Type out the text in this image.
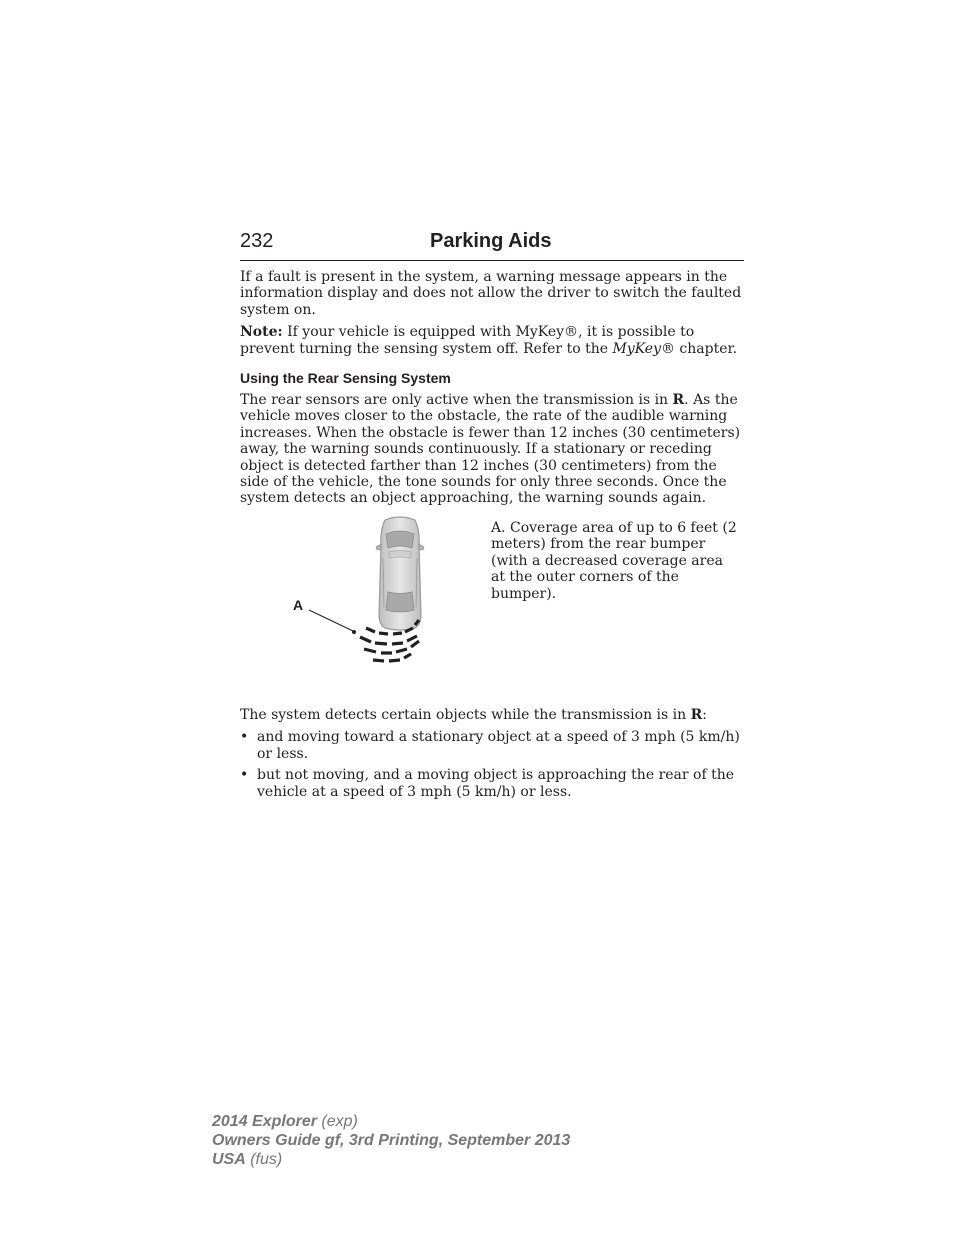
232	Parking Aids

If a fault is present in the system, a warning message appears in the information display and does not allow the driver to switch the faulted system on.

Note: If your vehicle is equipped with MyKey®, it is possible to prevent turning the sensing system off. Refer to the MyKey® chapter.

Using the Rear Sensing System

The rear sensors are only active when the transmission is in R. As the vehicle moves closer to the obstacle, the rate of the audible warning increases. When the obstacle is fewer than 12 inches (30 centimeters) away, the warning sounds continuously. If a stationary or receding object is detected farther than 12 inches (30 centimeters) from the side of the vehicle, the tone sounds for only three seconds. Once the system detects an object approaching, the warning sounds again.

A

A. Coverage area of up to 6 feet (2 meters) from the rear bumper (with a decreased coverage area at the outer corners of the bumper).

The system detects certain objects while the transmission is in R:

• and moving toward a stationary object at a speed of 3 mph (5 km/h) or less.
• but not moving, and a moving object is approaching the rear of the vehicle at a speed of 3 mph (5 km/h) or less.
2014 Explorer (exp)
Owners Guide gf, 3rd Printing, September 2013
USA (fus)
